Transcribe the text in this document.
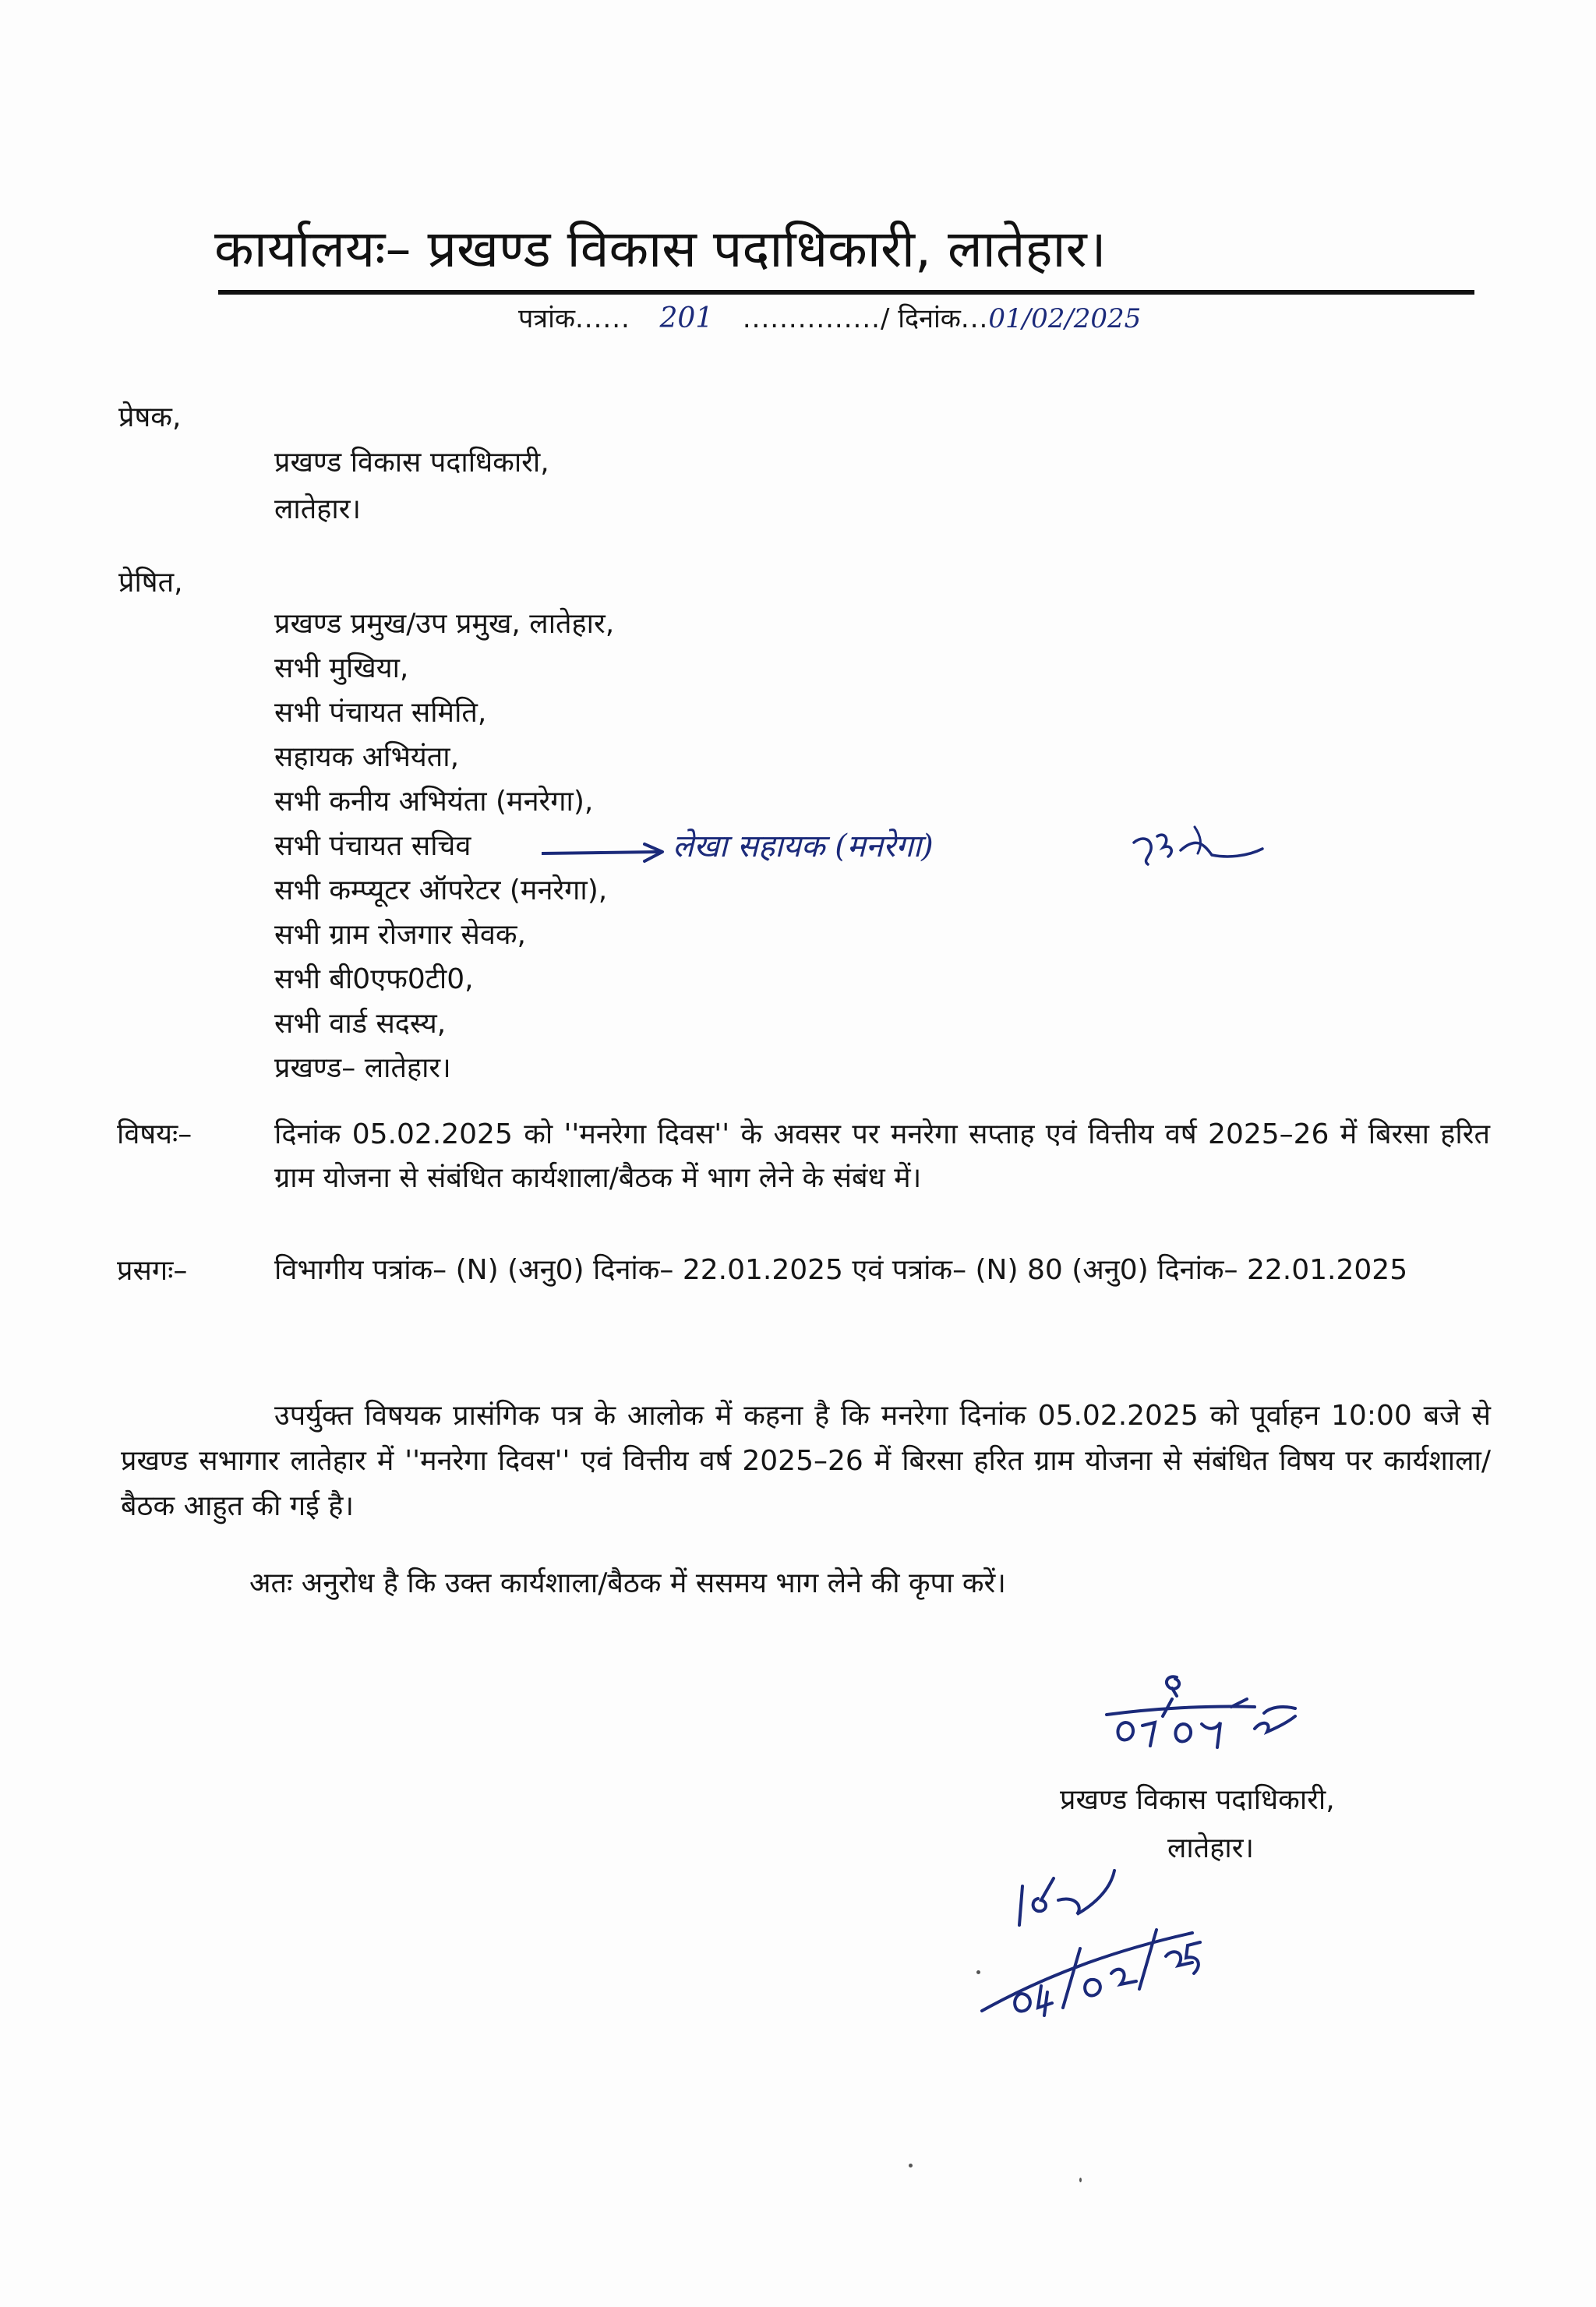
कार्यालयः– प्रखण्ड विकास पदाधिकारी, लातेहार।
पत्रांक...... 201 .............../ दिनांक...01/02/2025
प्रेषक,
प्रखण्ड विकास पदाधिकारी,
लातेहार।
प्रेषित,
प्रखण्ड प्रमुख/उप प्रमुख, लातेहार,
सभी मुखिया,
सभी पंचायत समिति,
सहायक अभियंता,
सभी कनीय अभियंता (मनरेगा),
सभी पंचायत सचिव
सभी कम्प्यूटर ऑपरेटर (मनरेगा),
सभी ग्राम रोजगार सेवक,
सभी बी0एफ0टी0,
सभी वार्ड सदस्य,
प्रखण्ड– लातेहार।
लेखा सहायक (मनरेगा)
विषयः–	दिनांक 05.02.2025 को ''मनरेगा दिवस'' के अवसर पर मनरेगा सप्ताह एवं वित्तीय वर्ष 2025–26 में बिरसा हरित ग्राम योजना से संबंधित कार्यशाला/बैठक में भाग लेने के संबंध में।
प्रसगः–	विभागीय पत्रांक– (N) (अनु0) दिनांक– 22.01.2025 एवं पत्रांक– (N) 80 (अनु0) दिनांक– 22.01.2025
उपर्युक्त विषयक प्रासंगिक पत्र के आलोक में कहना है कि मनरेगा दिनांक 05.02.2025 को पूर्वाहन 10:00 बजे से प्रखण्ड सभागार लातेहार में ''मनरेगा दिवस'' एवं वित्तीय वर्ष 2025–26 में बिरसा हरित ग्राम योजना से संबंधित विषय पर कार्यशाला/बैठक आहुत की गई है।
अतः अनुरोध है कि उक्त कार्यशाला/बैठक में ससमय भाग लेने की कृपा करें।
प्रखण्ड विकास पदाधिकारी,
लातेहार।
